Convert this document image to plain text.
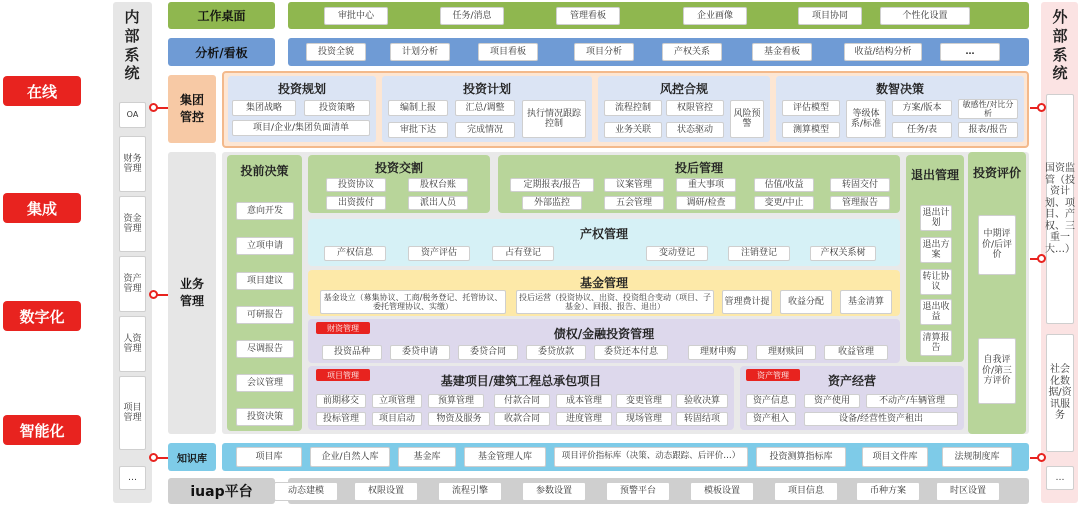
在线
集成
数字化
智能化
内部系统
OA
财务管理
资金管理
资产管理
人资管理
项目管理
…
外部系统
国资监管（投资计划、项目、产权、三重一大…）
社会化数据/资讯服务
…
工作桌面	审批中心	任务/消息	管理看板	企业画像	项目协同	个性化设置
分析/看板	投资全貌	计划分析	项目看板	项目分析	产权关系	基金看板	收益/结构分析	…
集团管控
投资规划
集团战略	投资策略
项目/企业/集团负面清单
投资计划
编制上报	汇总/调整
审批下达	完成情况
执行情况跟踪控制
风控合规
流程控制	权限管控
业务关联	状态驱动
风险预警
数智决策
评估模型
等级体系/标准
方案/版本	敏感性/对比分析
测算模型	任务/表	报表/报告
业务管理
投前决策
意向开发
立项申请
项目建议
可研报告
尽调报告
会议管理
投资决策
投资交割
投资协议	股权台账
出资拨付	派出人员
投后管理
定期报表/报告	议案管理	重大事项	估值/收益	转固交付
外部监控	五会管理	调研/检查	变更/中止	管理报告
退出管理
退出计划
退出方案
转让协议
退出收益
清算报告
投资评价
中期评价/后评价
自我评价/第三方评价
产权管理
产权信息	资产评估	占有登记	变动登记	注销登记	产权关系树
基金管理
基金设立（募集协议、工商/税务登记、托管协议、委托管理协议、实缴）
投后运营（投资协议、出资、投资组合变动（项目、子基金）、回报、报告、退出）	管理费计提	收益分配	基金清算
财资管理	债权/金融投资管理
投资品种	委贷申请	委贷合同	委贷放款	委贷还本付息	理财申购	理财赎回	收益管理
项目管理	基建项目/建筑工程总承包项目
前期移交	立项管理	预算管理	付款合同	成本管理	变更管理	验收决算
投标管理	项目启动	物资及服务	收款合同	进度管理	现场管理	转固结项
资产管理	资产经营
资产信息	资产使用	不动产/车辆管理
资产租入	设备/经营性资产租出
知识库	项目库	企业/自然人库	基金库	基金管理人库	项目评价指标库（决策、动态跟踪、后评价…）	投资测算指标库	项目文件库	法规制度库
iuap平台	动态建模	权限设置	流程引擎	参数设置	预警平台	模板设置	项目信息	币种方案	时区设置
